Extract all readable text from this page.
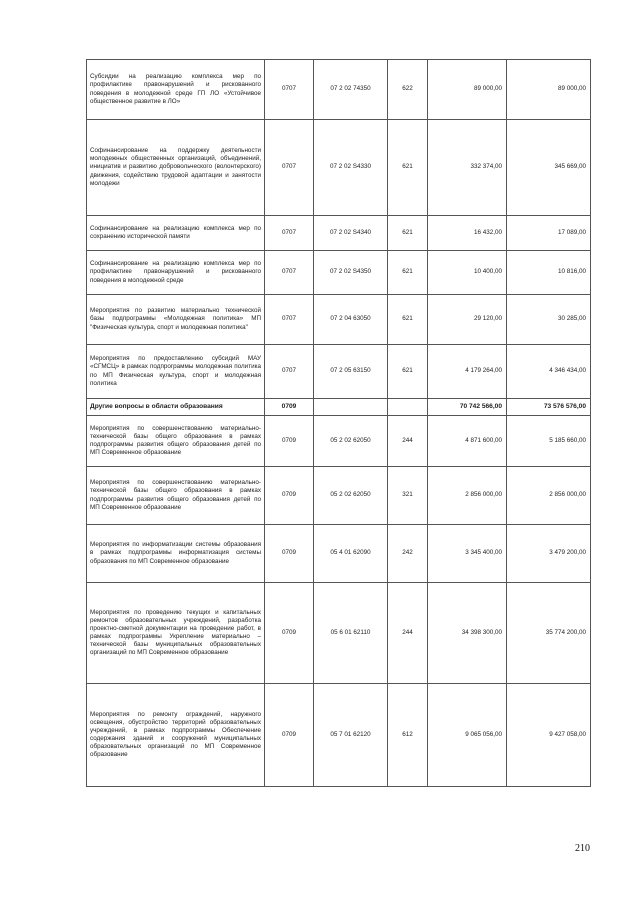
Субсидии на реализацию комплекса мер по профилактике правонарушений и рискованного поведения в молодежной среде ГП ЛО «Устойчивое общественное развитие в ЛО»	0707	07 2 02 74350	622	89 000,00	89 000,00
Софинансирование на поддержку деятельности молодежных общественных организаций, объединений, инициатив и развитию добровольческого (волонтерского) движения, содействию трудовой адаптации и занятости молодежи	0707	07 2 02 S4330	621	332 374,00	345 669,00
Софинансирование на реализацию комплекса мер по сохранению исторической памяти	0707	07 2 02 S4340	621	16 432,00	17 089,00
Софинансирование на реализацию комплекса мер по профилактике правонарушений и рискованного поведения в молодежной среде	0707	07 2 02 S4350	621	10 400,00	10 816,00
Мероприятия по развитию материально технической базы подпрограммы «Молодежная политика» МП "Физическая культура, спорт и молодежная политика"	0707	07 2 04 63050	621	29 120,00	30 285,00
Мероприятия по предоставлению субсидий МАУ «СГМСЦ» в рамках подпрограммы молодежная политика по МП Физическая культура, спорт и молодежная политика	0707	07 2 05 63150	621	4 179 264,00	4 346 434,00
Другие вопросы в области образования	0709			70 742 566,00	73 576 576,00
Мероприятия по совершенствованию материально-технической базы общего образования в рамках подпрограммы развития общего образования детей по МП Современное образование	0709	05 2 02 62050	244	4 871 600,00	5 185 660,00
Мероприятия по совершенствованию материально-технической базы общего образования в рамках подпрограммы развития общего образования детей по МП Современное образование	0709	05 2 02 62050	321	2 856 000,00	2 856 000,00
Мероприятия по информатизации системы образования в рамках подпрограммы информатизация системы образования по МП Современное образование	0709	05 4 01 62090	242	3 345 400,00	3 479 200,00
Мероприятия по проведению текущих и капитальных ремонтов образовательных учреждений, разработка проектно-сметной документации на проведение работ, в рамках подпрограммы Укрепление материально – технической базы муниципальных образовательных организаций по МП Современное образование	0709	05 6 01 62110	244	34 398 300,00	35 774 200,00
Мероприятия по ремонту ограждений, наружного освещения, обустройство территорий образовательных учреждений, в рамках подпрограммы Обеспечение содержания зданий и сооружений муниципальных образовательных организаций по МП Современное образование	0709	05 7 01 62120	612	9 065 056,00	9 427 058,00
210
